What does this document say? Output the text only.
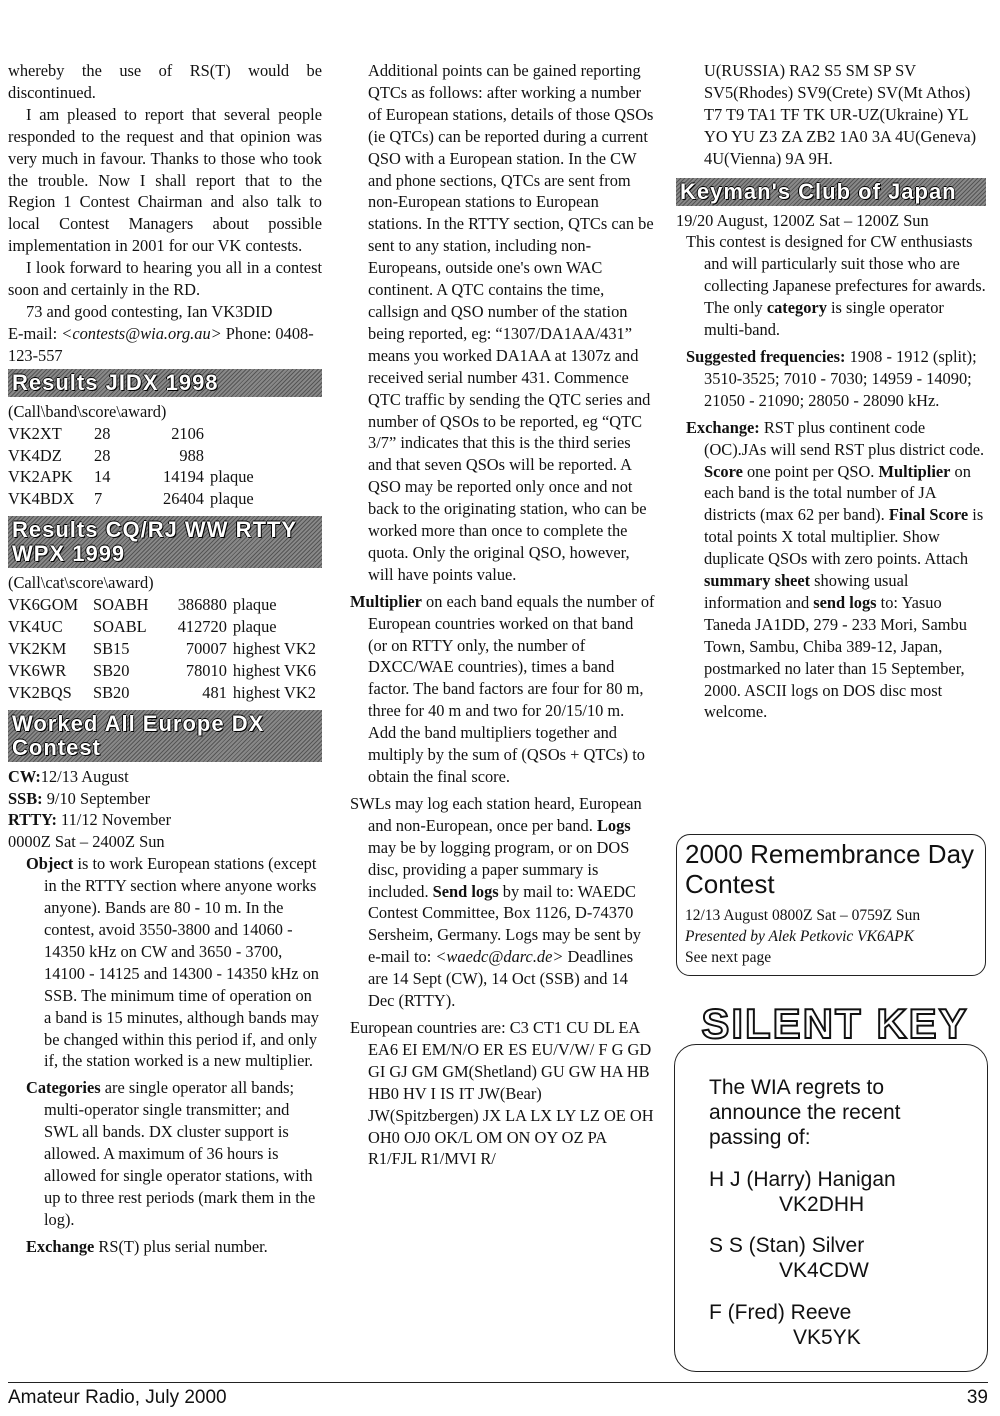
whereby the use of RS(T) would be discontinued.

I am pleased to report that several people responded to the request and that opinion was very much in favour. Thanks to those who took the trouble. Now I shall report that to the Region 1 Contest Chairman and also talk to local Contest Managers about possible implementation in 2001 for our VK contests.

I look forward to hearing you all in a contest soon and certainly in the RD.

73 and good contesting, Ian VK3DID

E-mail: <contests@wia.org.au> Phone: 0408-123-557

Results JIDX 1998

(Call\band\score\award)

VK2XT	28	2106	
VK4DZ	28	988	
VK2APK	14	14194	plaque
VK4BDX	7	26404	plaque
Results CQ/RJ WW RTTY WPX 1999

(Call\cat\score\award)

VK6GOM	SOABH	386880	plaque
VK4UC	SOABL	412720	plaque
VK2KM	SB15	70007	highest VK2
VK6WR	SB20	78010	highest VK6
VK2BQS	SB20	481	highest VK2
Worked All Europe DX Contest

CW:12/13 August

SSB: 9/10 September

RTTY: 11/12 November

0000Z Sat – 2400Z Sun

Object is to work European stations (except in the RTTY section where anyone works anyone). Bands are 80 - 10 m. In the contest, avoid 3550-3800 and 14060 - 14350 kHz on CW and 3650 - 3700, 14100 - 14125 and 14300 - 14350 kHz on SSB. The minimum time of operation on a band is 15 minutes, although bands may be changed within this period if, and only if, the station worked is a new multiplier.

Categories are single operator all bands; multi-operator single transmitter; and SWL all bands. DX cluster support is allowed. A maximum of 36 hours is allowed for single operator stations, with up to three rest periods (mark them in the log).

Exchange RS(T) plus serial number.

Additional points can be gained reporting QTCs as follows: after working a number of European stations, details of those QSOs (ie QTCs) can be reported during a current QSO with a European station. In the CW and phone sections, QTCs are sent from non-European stations to European stations. In the RTTY section, QTCs can be sent to any station, including non-Europeans, outside one's own WAC continent. A QTC contains the time, callsign and QSO number of the station being reported, eg: “1307/DA1AA/431” means you worked DA1AA at 1307z and received serial number 431. Commence QTC traffic by sending the QTC series and number of QSOs to be reported, eg “QTC 3/7” indicates that this is the third series and that seven QSOs will be reported. A QSO may be reported only once and not back to the originating station, who can be worked more than once to complete the quota. Only the original QSO, however, will have points value.

Multiplier on each band equals the number of European countries worked on that band (or on RTTY only, the number of DXCC/WAE countries), times a band factor. The band factors are four for 80 m, three for 40 m and two for 20/15/10 m. Add the band multipliers together and multiply by the sum of (QSOs + QTCs) to obtain the final score.

SWLs may log each station heard, European and non-European, once per band. Logs may be by logging program, or on DOS disc, providing a paper summary is included. Send logs by mail to: WAEDC Contest Committee, Box 1126, D-74370 Sersheim, Germany. Logs may be sent by e-mail to: <waedc@darc.de> Deadlines are 14 Sept (CW), 14 Oct (SSB) and 14 Dec (RTTY).

European countries are: C3 CT1 CU DL EA EA6 EI EM/N/O ER ES EU/V/W/ F G GD GI GJ GM GM(Shetland) GU GW HA HB HB0 HV I IS IT JW(Bear) JW(Spitzbergen) JX LA LX LY LZ OE OH OH0 OJ0 OK/L OM ON OY OZ PA R1/FJL R1/MVI R/

U(RUSSIA) RA2 S5 SM SP SV SV5(Rhodes) SV9(Crete) SV(Mt Athos) T7 T9 TA1 TF TK UR-UZ(Ukraine) YL YO YU Z3 ZA ZB2 1A0 3A 4U(Geneva) 4U(Vienna) 9A 9H.

Keyman's Club of Japan

19/20 August, 1200Z Sat – 1200Z Sun

This contest is designed for CW enthusiasts and will particularly suit those who are collecting Japanese prefectures for awards. The only category is single operator multi-band.

Suggested frequencies: 1908 - 1912 (split); 3510-3525; 7010 - 7030; 14959 - 14090; 21050 - 21090; 28050 - 28090 kHz.

Exchange: RST plus continent code (OC).JAs will send RST plus district code. Score one point per QSO. Multiplier on each band is the total number of JA districts (max 62 per band). Final Score is total points X total multiplier. Show duplicate QSOs with zero points. Attach summary sheet showing usual information and send logs to: Yasuo Taneda JA1DD, 279 - 233 Mori, Sambu Town, Sambu, Chiba 389-12, Japan, postmarked no later than 15 September, 2000. ASCII logs on DOS disc most welcome.

2000 Remembrance Day Contest
12/13 August 0800Z Sat – 0759Z Sun
Presented by Alek Petkovic VK6APK
See next page
SILENT KEY
The WIA regrets to announce the recent passing of:
H J (Harry) Hanigan
VK2DHH
S S (Stan) Silver
VK4CDW
F (Fred) Reeve
VK5YK
Amateur Radio, July 2000	39
